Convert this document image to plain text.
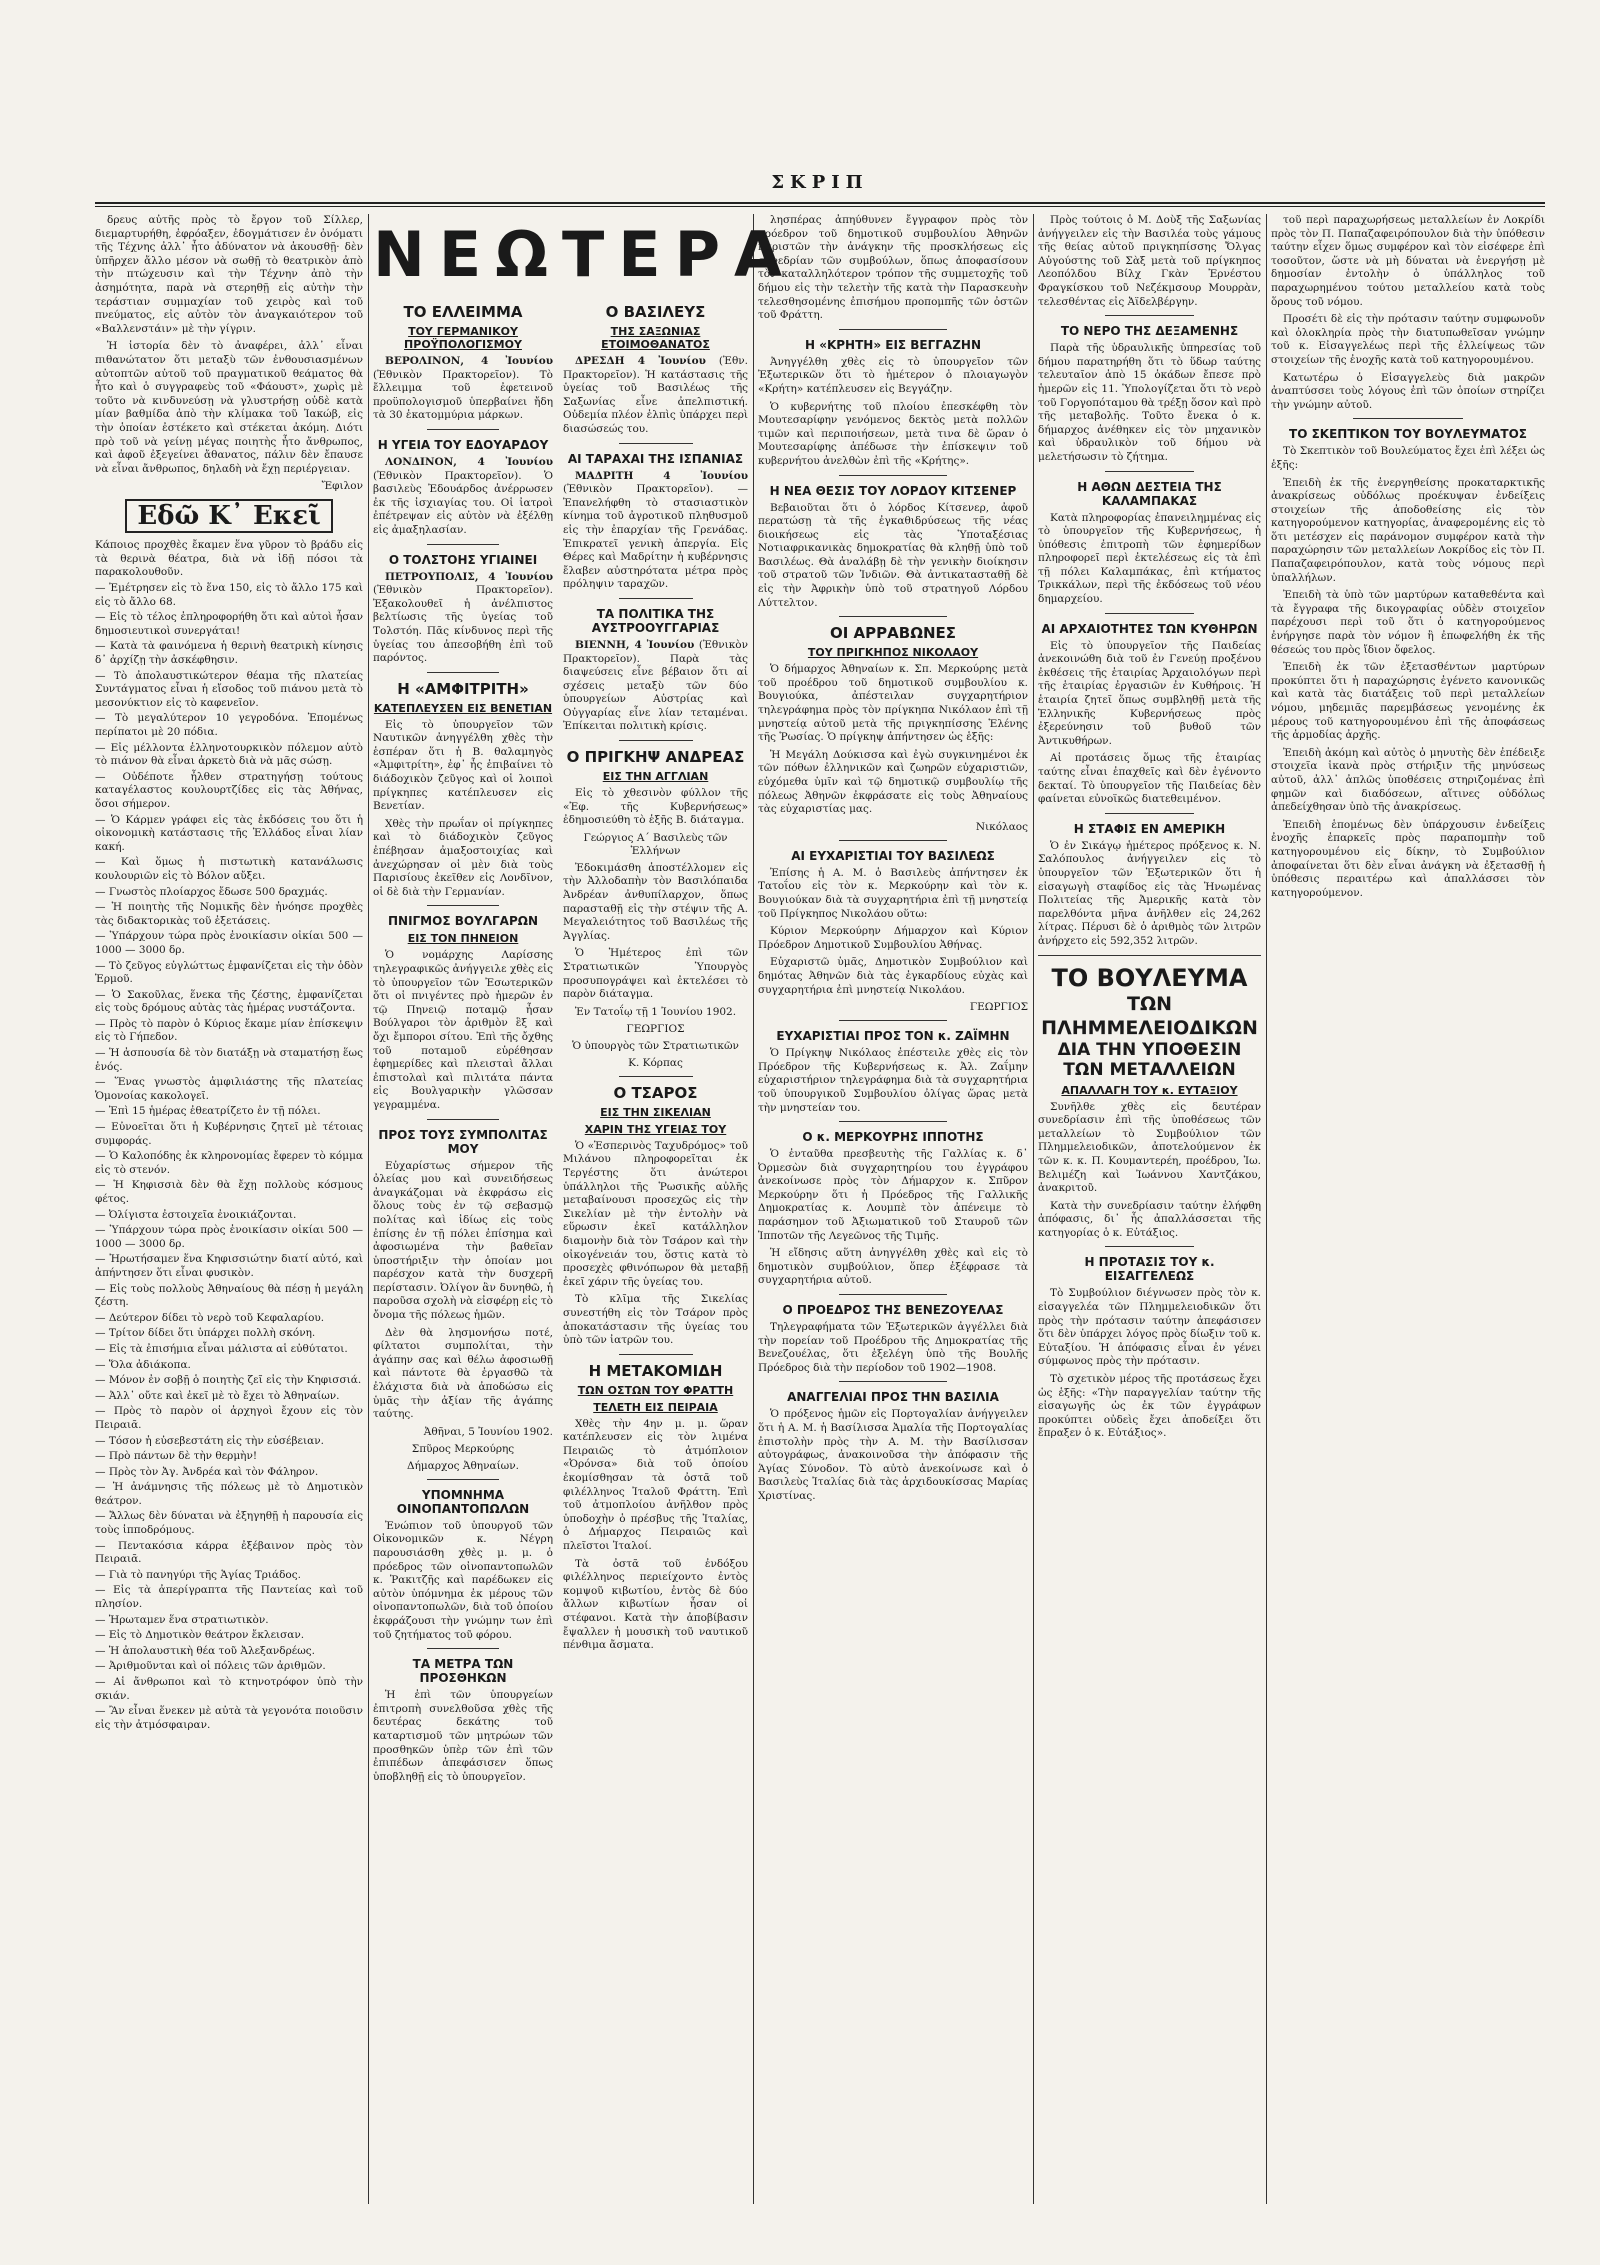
ΣΚΡΙΠ
ΝΕΩΤΕΡΑ

δρευς αὐτῆς πρὸς τὸ ἔργον τοῦ Σίλλερ, διεμαρτυρήθη, ἐφρόαξεν, ἐδογμάτισεν ἐν ὀνόματι τῆς Τέχνης ἀλλ᾽ ἦτο ἀδύνατον νὰ ἀκουσθῇ· δὲν ὑπῆρχεν ἄλλο μέσον νὰ σωθῇ τὸ θεατρικὸν ἀπὸ τὴν πτώχευσιν καὶ τὴν Τέχνην ἀπὸ τὴν ἀσημότητα, παρὰ νὰ στερηθῇ εἰς αὐτὴν τὴν τεράστιαν συμμαχίαν τοῦ χειρὸς καὶ τοῦ πνεύματος, εἰς αὐτὸν τὸν ἀναγκαιότερον τοῦ «Βαλλενστάιν» μὲ τὴν γίγριν.

Ἡ ἱστορία δὲν τὸ ἀναφέρει, ἀλλ᾽ εἶναι πιθανώτατον ὅτι μεταξὺ τῶν ἐνθουσιασμένων αὐτοπτῶν αὐτοῦ τοῦ πραγματικοῦ θεάματος θὰ ἦτο καὶ ὁ συγγραφεὺς τοῦ «Φάουστ», χωρὶς μὲ τοῦτο νὰ κινδυνεύσῃ νὰ γλυστρήσῃ οὐδὲ κατὰ μίαν βαθμίδα ἀπὸ τὴν κλίμακα τοῦ Ἰακώβ, εἰς τὴν ὁποίαν ἐστέκετο καὶ στέκεται ἀκόμη. Διότι πρὸ τοῦ νὰ γείνῃ μέγας ποιητὴς ἦτο ἄνθρωπος, καὶ ἀφοῦ ἐξεγείνει ἄθανατος, πάλιν δὲν ἔπαυσε νὰ εἶναι ἄνθρωπος, δηλαδὴ νὰ ἔχῃ περιέργειαν.

Ἔφιλον
Εδῶ Κ᾽ Εκεῖ
Κάποιος προχθὲς ἔκαμεν ἕνα γῦρον τὸ βράδυ εἰς τὰ θερινὰ θέατρα, διὰ νὰ ἰδῇ πόσοι τὰ παρακολουθοῦν.
— Ἐμέτρησεν εἰς τὸ ἕνα 150, εἰς τὸ ἄλλο 175 καὶ εἰς τὸ ἄλλο 68.
— Εἰς τὸ τέλος ἐπληροφορήθη ὅτι καὶ αὐτοὶ ἦσαν δημοσιευτικοὶ συνεργάται!
— Κατὰ τὰ φαινόμενα ἡ θερινὴ θεατρικὴ κίνησις δ᾽ ἀρχίζῃ τὴν ἀσκέφθησιν.
— Τὸ ἀπολαυστικώτερον θέαμα τῆς πλατείας Συντάγματος εἶναι ἡ εἴσοδος τοῦ πιάνου μετὰ τὸ μεσονύκτιον εἰς τὸ καφενεῖον.
— Τὸ μεγαλύτερον 10 γεγροδόνα. Ἐπομένως περίπατοι μὲ 20 πόδια.
— Εἰς μέλλοντα ἑλληνοτουρκικὸν πόλεμον αὐτὸ τὸ πιάνον θὰ εἶναι ἀρκετὸ διὰ νὰ μᾶς σώσῃ.
— Οὐδέποτε ἦλθεν στρατηγήσῃ τούτους καταγέλαστος κουλουρτζίδες εἰς τὰς Ἀθήνας, ὅσοι σήμερον.
— Ὁ Κάρμεν γράφει εἰς τὰς ἐκδόσεις του ὅτι ἡ οἰκονομικὴ κατάστασις τῆς Ἑλλάδος εἶναι λίαν κακή.
— Καὶ ὅμως ἡ πιστωτικὴ κατανάλωσις κουλουριῶν εἰς τὸ Βόλον αὔξει.
— Γνωστὸς πλοίαρχος ἔδωσε 500 δραχμάς.
— Ἡ ποιητὴς τῆς Νομικῆς δὲν ἠνόησε προχθὲς τὰς διδακτορικὰς τοῦ ἐξετάσεις.
— Ὑπάρχουν τώρα πρὸς ἐνοικίασιν οἰκίαι 500 — 1000 — 3000 δρ.
— Τὸ ζεῦγος εὐγλώττως ἐμφανίζεται εἰς τὴν ὁδὸν Ἑρμοῦ.
— Ὁ Σακοῦλας, ἕνεκα τῆς ζέστης, ἐμφανίζεται εἰς τοὺς δρόμους αὐτὰς τὰς ἡμέρας νυστάζοντα.
— Πρὸς τὸ παρὸν ὁ Κύριος ἔκαμε μίαν ἐπίσκεψιν εἰς τὸ Γήπεδον.
— Ἡ ἀσπουσία δὲ τὸν διατάξῃ νὰ σταματήσῃ ἕως ἑνός.
— Ἕνας γνωστὸς ἀμφιλιάστης τῆς πλατείας Ὁμονοίας κακολογεῖ.
— Ἐπὶ 15 ἡμέρας ἐθεατρίζετο ἐν τῇ πόλει.
— Εὐνοεῖται ὅτι ἡ Κυβέρνησις ζητεῖ μὲ τέτοιας συμφοράς.
— Ὁ Καλοπόδης ἐκ κληρονομίας ἔφερεν τὸ κόμμα εἰς τὸ στενόν.
— Ἡ Κηφισσιὰ δὲν θὰ ἔχῃ πολλοὺς κόσμους φέτος.
— Ὀλίγιστα ἐστοιχεῖα ἐνοικιάζονται.
— Ὑπάρχουν τώρα πρὸς ἐνοικίασιν οἰκίαι 500 — 1000 — 3000 δρ.
— Ἠρωτήσαμεν ἕνα Κηφισσιώτην διατί αὐτό, καὶ ἀπήντησεν ὅτι εἶναι φυσικὸν.
— Εἰς τοὺς πολλοὺς Ἀθηναίους θὰ πέσῃ ἡ μεγάλη ζέστη.
— Δεύτερον δίδει τὸ νερὸ τοῦ Κεφαλαρίου.
— Τρίτον δίδει ὅτι ὑπάρχει πολλὴ σκόνη.
— Εἰς τὰ ἐπισήμια εἶναι μάλιστα αἱ εὐθύτατοι.
— Ὅλα ἀδιάκοπα.
— Μόνον ἐν σοβῇ ὁ ποιητὴς ζεῖ εἰς τὴν Κηφισσιά.
— Ἀλλ᾽ οὔτε καὶ ἐκεῖ μὲ τὸ ἔχει τὸ Ἀθηναίων.
— Πρὸς τὸ παρὸν οἱ ἀρχηγοὶ ἔχουν εἰς τὸν Πειραιᾶ.
— Τόσον ἡ εὐσεβεστάτη εἰς τὴν εὐσέβειαν.
— Πρὸ πάντων δὲ τὴν θερμὴν!
— Πρὸς τὸν Ἀγ. Ἀνδρέα καὶ τὸν Φάληρον.
— Ἡ ἀνάμνησις τῆς πόλεως μὲ τὸ Δημοτικὸν θεάτρον.
— Ἄλλως δὲν δύναται νὰ ἐξηγηθῇ ἡ παρουσία εἰς τοὺς ἱπποδρόμους.
— Πεντακόσια κάρρα ἐξέβαινον πρὸς τὸν Πειραιᾶ.
— Γιὰ τὸ πανηγύρι τῆς Ἁγίας Τριάδος.
— Εἰς τὰ ἀπερίγραπτα τῆς Παντείας καὶ τοῦ πλησίον.
— Ἡρωταμεν ἕνα στρατιωτικὸν.
— Εἰς τὸ Δημοτικὸν θεάτρον ἔκλεισαν.
— Ἡ ἀπολαυστικὴ θέα τοῦ Ἀλεξανδρέως.
— Ἀριθμοῦνται καὶ οἱ πόλεις τῶν ἀριθμῶν.
— Αἱ ἄνθρωποι καὶ τὸ κτηνοτρόφον ὑπὸ τὴν σκιάν.
— Ἂν εἶναι ἕνεκεν μὲ αὐτὰ τὰ γεγονότα ποιοῦσιν εἰς τὴν ἀτμόσφαιραν.
ΤΟ ΕΛΛΕΙΜΜΑ
ΤΟΥ ΓΕΡΜΑΝΙΚΟΥ ΠΡΟΫΠΟΛΟΓΙΣΜΟΥ

ΒΕΡΟΛΙΝΟΝ, 4 Ἰουνίου (Ἐθνικὸν Πρακτορεῖον). Τὸ ἔλλειμμα τοῦ ἐφετεινοῦ προϋπολογισμοῦ ὑπερβαίνει ἤδη τὰ 30 ἑκατομμύρια μάρκων.

Η ΥΓΕΙΑ ΤΟΥ ΕΔΟΥΑΡΔΟΥ

ΛΟΝΔΙΝΟΝ, 4 Ἰουνίου (Ἐθνικὸν Πρακτορεῖον). Ὁ βασιλεὺς Ἐδουάρδος ἀνέρρωσεν ἐκ τῆς ἰσχιαγίας του. Οἱ ἰατροὶ ἐπέτρεψαν εἰς αὐτὸν νὰ ἐξέλθῃ εἰς ἀμαξηλασίαν.

Ο ΤΟΛΣΤΟΗΣ ΥΓΙΑΙΝΕΙ

ΠΕΤΡΟΥΠΟΛΙΣ, 4 Ἰουνίου (Ἐθνικὸν Πρακτορεῖον). Ἐξακολουθεῖ ἡ ἀνέλπιστος βελτίωσις τῆς ὑγείας τοῦ Τολστόη. Πᾶς κίνδυνος περὶ τῆς ὑγείας του ἀπεσοβήθη ἐπὶ τοῦ παρόντος.

Η «ΑΜΦΙΤΡΙΤΗ»
ΚΑΤΕΠΛΕΥΣΕΝ ΕΙΣ ΒΕΝΕΤΙΑΝ

Εἰς τὸ ὑπουργεῖον τῶν Ναυτικῶν ἀνηγγέλθη χθὲς τὴν ἑσπέραν ὅτι ἡ Β. θαλαμηγὸς «Ἀμφιτρίτη», ἐφ᾽ ἧς ἐπιβαίνει τὸ διάδοχικὸν ζεῦγος καὶ οἱ λοιποὶ πρίγκηπες κατέπλευσεν εἰς Βενετίαν.

Χθὲς τὴν πρωΐαν οἱ πρίγκηπες καὶ τὸ διάδοχικὸν ζεῦγος ἐπέβησαν ἀμαξοστοιχίας καὶ ἀνεχώρησαν οἱ μὲν διὰ τοὺς Παρισίους ἐκεῖθεν εἰς Λονδῖνον, οἱ δὲ διὰ τὴν Γερμανίαν.

ΠΝΙΓΜΟΣ ΒΟΥΛΓΑΡΩΝ
ΕΙΣ ΤΟΝ ΠΗΝΕΙΟΝ

Ὁ νομάρχης Λαρίσσης τηλεγραφικῶς ἀνήγγειλε χθὲς εἰς τὸ ὑπουργεῖον τῶν Ἐσωτερικῶν ὅτι οἱ πνιγέντες πρὸ ἡμερῶν ἐν τῷ Πηνειῷ ποταμῷ ἦσαν Βούλγαροι τὸν ἀριθμὸν ἓξ καὶ ὄχι ἔμποροι σίτου. Ἐπὶ τῆς ὄχθης τοῦ ποταμοῦ εὑρέθησαν ἐφημερίδες καὶ πλεισταὶ ἄλλαι ἐπιστολαὶ καὶ πιλιτάτα πάντα εἰς Βουλγαρικὴν γλῶσσαν γεγραμμένα.

ΠΡΟΣ ΤΟΥΣ ΣΥΜΠΟΛΙΤΑΣ ΜΟΥ

Εὐχαρίστως σήμερον τῆς ὀλείας μου καὶ συνειδήσεως ἀναγκάζομαι νὰ ἐκφράσω εἰς ὅλους τοὺς ἐν τῷ σεβασμῷ πολίτας καὶ ἰδίως εἰς τοὺς ἐπίσης ἐν τῇ πόλει ἐπίσημα καὶ ἀφοσιωμένα τὴν βαθεῖαν ὑποστήριξιν τὴν ὁποίαν μοι παρέσχον κατὰ τὴν δυσχερῆ περίστασιν. Ὀλίγον ἂν δυνηθῶ, ἡ παροῦσα σχολὴ νὰ εἰσφέρῃ εἰς τὸ ὄνομα τῆς πόλεως ἡμῶν.

Δὲν θὰ λησμονήσω ποτέ, φίλτατοι συμπολίται, τὴν ἀγάπην σας καὶ θέλω ἀφοσιωθῇ καὶ πάντοτε θὰ ἐργασθῶ τὰ ἐλάχιστα διὰ νὰ ἀποδώσω εἰς ὑμᾶς τὴν ἀξίαν τῆς ἀγάπης ταύτης.

Ἀθῆναι, 5 Ἰουνίου 1902.
Σπῦρος Μερκούρης
Δήμαρχος Ἀθηναίων.
ΥΠΟΜΝΗΜΑ ΟΙΝΟΠΑΝΤΟΠΩΛΩΝ

Ἐνώπιον τοῦ ὑπουργοῦ τῶν Οἰκονομικῶν κ. Νέγρη παρουσιάσθη χθὲς μ. μ. ὁ πρόεδρος τῶν οἰνοπαντοπωλῶν κ. Ῥακιτζῆς καὶ παρέδωκεν εἰς αὐτὸν ὑπόμνημα ἐκ μέρους τῶν οἰνοπαντοπωλῶν, διὰ τοῦ ὁποίου ἐκφράζουσι τὴν γνώμην των ἐπὶ τοῦ ζητήματος τοῦ φόρου.

ΤΑ ΜΕΤΡΑ ΤΩΝ ΠΡΟΣΘΗΚΩΝ

Ἡ ἐπὶ τῶν ὑπουργείων ἐπιτροπὴ συνελθοῦσα χθὲς τῆς δευτέρας δεκάτης τοῦ καταρτισμοῦ τῶν μητρώων τῶν προσθηκῶν ὑπὲρ τῶν ἐπὶ τῶν ἐπιπέδων ἀπεφάσισεν ὅπως ὑποβληθῇ εἰς τὸ ὑπουργεῖον.

Ο ΒΑΣΙΛΕΥΣ
ΤΗΣ ΣΑΞΩΝΙΑΣ ΕΤΟΙΜΟΘΑΝΑΤΟΣ

ΔΡΕΣΔΗ 4 Ἰουνίου (Ἐθν. Πρακτορεῖον). Ἡ κατάστασις τῆς ὑγείας τοῦ Βασιλέως τῆς Σαξωνίας εἶνε ἀπελπιστική. Οὐδεμία πλέον ἐλπὶς ὑπάρχει περὶ διασώσεώς του.

ΑΙ ΤΑΡΑΧΑΙ ΤΗΣ ΙΣΠΑΝΙΑΣ

ΜΑΔΡΙΤΗ 4 Ἰουνίου (Ἐθνικὸν Πρακτορεῖον). — Ἐπανελήφθη τὸ στασιαστικὸν κίνημα τοῦ ἀγροτικοῦ πληθυσμοῦ εἰς τὴν ἐπαρχίαν τῆς Γρενάδας. Ἐπικρατεῖ γενικὴ ἀπεργία. Εἰς Θέρες καὶ Μαδρίτην ἡ κυβέρνησις ἔλαβεν αὐστηρότατα μέτρα πρὸς πρόληψιν ταραχῶν.

ΤΑ ΠΟΛΙΤΙΚΑ ΤΗΣ ΑΥΣΤΡΟΟΥΓΓΑΡΙΑΣ

ΒΙΕΝΝΗ, 4 Ἰουνίου (Ἐθνικὸν Πρακτορεῖον). Παρὰ τὰς διαψεύσεις εἶνε βέβαιον ὅτι αἱ σχέσεις μεταξὺ τῶν δύο ὑπουργείων Αὐστρίας καὶ Οὐγγαρίας εἶνε λίαν τεταμέναι. Ἐπίκειται πολιτικὴ κρίσις.

Ο ΠΡΙΓΚΗΨ ΑΝΔΡΕΑΣ
ΕΙΣ ΤΗΝ ΑΓΓΛΙΑΝ

Εἰς τὸ χθεσινὸν φύλλον τῆς «Ἐφ. τῆς Κυβερνήσεως» ἐδημοσιεύθη τὸ ἑξῆς Β. διάταγμα.

Γεώργιος Α΄ Βασιλεὺς τῶν Ἑλλήνων

Ἐδοκιμάσθη ἀποστέλλομεν εἰς τὴν Ἀλλοδαπὴν τὸν Βασιλόπαιδα Ἀνδρέαν ἀνθυπίλαρχον, ὅπως παρασταθῇ εἰς τὴν στέψιν τῆς Α. Μεγαλειότητος τοῦ Βασιλέως τῆς Ἀγγλίας.

Ὁ Ἡμέτερος ἐπὶ τῶν Στρατιωτικῶν Ὑπουργὸς προσυπογράψει καὶ ἐκτελέσει τὸ παρὸν διάταγμα.

Ἐν Τατοΐῳ τῇ 1 Ἰουνίου 1902.
ΓΕΩΡΓΙΟΣ
Ὁ ὑπουργὸς τῶν Στρατιωτικῶν
Κ. Κόρπας
Ο ΤΣΑΡΟΣ
ΕΙΣ ΤΗΝ ΣΙΚΕΛΙΑΝ
ΧΑΡΙΝ ΤΗΣ ΥΓΕΙΑΣ ΤΟΥ

Ὁ «Ἑσπερινὸς Ταχυδρόμος» τοῦ Μιλάνου πληροφορεῖται ἐκ Τεργέστης ὅτι ἀνώτεροι ὑπάλληλοι τῆς Ῥωσικῆς αὐλῆς μεταβαίνουσι προσεχῶς εἰς τὴν Σικελίαν μὲ τὴν ἐντολὴν νὰ εὕρωσιν ἐκεῖ κατάλληλον διαμονὴν διὰ τὸν Τσάρον καὶ τὴν οἰκογένειάν του, ὅστις κατὰ τὸ προσεχὲς φθινόπωρον θὰ μεταβῇ ἐκεῖ χάριν τῆς ὑγείας του.

Τὸ κλῖμα τῆς Σικελίας συνεστήθη εἰς τὸν Τσάρον πρὸς ἀποκατάστασιν τῆς ὑγείας του ὑπὸ τῶν ἰατρῶν του.

Η ΜΕΤΑΚΟΜΙΔΗ
ΤΩΝ ΟΣΤΩΝ ΤΟΥ ΦΡΑΤΤΗ
ΤΕΛΕΤΗ ΕΙΣ ΠΕΙΡΑΙΑ

Χθὲς τὴν 4ην μ. μ. ὥραν κατέπλευσεν εἰς τὸν λιμένα Πειραιῶς τὸ ἀτμόπλοιον «Ὀρόνσα» διὰ τοῦ ὁποίου ἐκομίσθησαν τὰ ὀστᾶ τοῦ φιλέλληνος Ἰταλοῦ Φράττη. Ἐπὶ τοῦ ἀτμοπλοίου ἀνῆλθον πρὸς ὑποδοχὴν ὁ πρέσβυς τῆς Ἰταλίας, ὁ Δήμαρχος Πειραιῶς καὶ πλεῖστοι Ἰταλοί.

Τὰ ὀστᾶ τοῦ ἐνδόξου φιλέλληνος περιείχοντο ἐντὸς κομψοῦ κιβωτίου, ἐντὸς δὲ δύο ἄλλων κιβωτίων ἦσαν οἱ στέφανοι. Κατὰ τὴν ἀποβίβασιν ἔψαλλεν ἡ μουσικὴ τοῦ ναυτικοῦ πένθιμα ἄσματα.

λησπέρας ἀπηύθυνεν ἔγγραφον πρὸς τὸν πρόεδρον τοῦ δημοτικοῦ συμβουλίου Ἀθηνῶν παριστῶν τὴν ἀνάγκην τῆς προσκλήσεως εἰς συνεδρίαν τῶν συμβούλων, ὅπως ἀποφασίσουν τὸν καταλληλότερον τρόπον τῆς συμμετοχῆς τοῦ δήμου εἰς τὴν τελετὴν τῆς κατὰ τὴν Παρασκευὴν τελεσθησομένης ἐπισήμου προπομπῆς τῶν ὀστῶν τοῦ Φράττη.

Η «ΚΡΗΤΗ» ΕΙΣ ΒΕΓΓΑΖΗΝ

Ἀνηγγέλθη χθὲς εἰς τὸ ὑπουργεῖον τῶν Ἐξωτερικῶν ὅτι τὸ ἡμέτερον ὁ πλοιαγωγὸν «Κρήτη» κατέπλευσεν εἰς Βεγγάζην.

Ὁ κυβερνήτης τοῦ πλοίου ἐπεσκέφθη τὸν Μουτεσαρίφην γενόμενος δεκτὸς μετὰ πολλῶν τιμῶν καὶ περιποιήσεων, μετὰ τινα δὲ ὥραν ὁ Μουτεσαρίφης ἀπέδωσε τὴν ἐπίσκεψιν τοῦ κυβερνήτου ἀνελθὼν ἐπὶ τῆς «Κρήτης».

Η ΝΕΑ ΘΕΣΙΣ ΤΟΥ ΛΟΡΔΟΥ ΚΙΤΣΕΝΕΡ

Βεβαιοῦται ὅτι ὁ λόρδος Κίτσενερ, ἀφοῦ περατώσῃ τὰ τῆς ἐγκαθιδρύσεως τῆς νέας διοικήσεως εἰς τὰς Ὑποταξέσιας Νοτιαφρικανικὰς δημοκρατίας θὰ κληθῇ ὑπὸ τοῦ Βασιλέως. Θὰ ἀναλάβῃ δὲ τὴν γενικὴν διοίκησιν τοῦ στρατοῦ τῶν Ἰνδιῶν. Θὰ ἀντικατασταθῇ δὲ εἰς τὴν Ἀφρικὴν ὑπὸ τοῦ στρατηγοῦ Λόρδου Λύττελτον.

ΟΙ ΑΡΡΑΒΩΝΕΣ
ΤΟΥ ΠΡΙΓΚΗΠΟΣ ΝΙΚΟΛΑΟΥ

Ὁ δήμαρχος Ἀθηναίων κ. Σπ. Μερκούρης μετὰ τοῦ προέδρου τοῦ δημοτικοῦ συμβουλίου κ. Βουγιούκα, ἀπέστειλαν συγχαρητήριον τηλεγράφημα πρὸς τὸν πρίγκηπα Νικόλαον ἐπὶ τῇ μνηστείᾳ αὐτοῦ μετὰ τῆς πριγκηπίσσης Ἑλένης τῆς Ῥωσίας. Ὁ πρίγκηψ ἀπήντησεν ὡς ἑξῆς:

Ἡ Μεγάλη Δούκισσα καὶ ἐγὼ συγκινημένοι ἐκ τῶν πόθων ἐλληνικῶν καὶ ζωηρῶν εὐχαριστιῶν, εὐχόμεθα ὑμῖν καὶ τῷ δημοτικῷ συμβουλίῳ τῆς πόλεως Ἀθηνῶν ἐκφράσατε εἰς τοὺς Ἀθηναίους τὰς εὐχαριστίας μας.

Νικόλαος
ΑΙ ΕΥΧΑΡΙΣΤΙΑΙ ΤΟΥ ΒΑΣΙΛΕΩΣ

Ἐπίσης ἡ Α. Μ. ὁ Βασιλεὺς ἀπήντησεν ἐκ Τατοΐου εἰς τὸν κ. Μερκούρην καὶ τὸν κ. Βουγιούκαν διὰ τὰ συγχαρητήρια ἐπὶ τῇ μνηστείᾳ τοῦ Πρίγκηπος Νικολάου οὕτω:

Κύριον Μερκούρην Δήμαρχον καὶ Κύριον Πρόεδρον Δημοτικοῦ Συμβουλίου Ἀθήνας.

Εὐχαριστῶ ὑμᾶς, Δημοτικὸν Συμβούλιον καὶ δημότας Ἀθηνῶν διὰ τὰς ἐγκαρδίους εὐχὰς καὶ συγχαρητήρια ἐπὶ μνηστείᾳ Νικολάου.

ΓΕΩΡΓΙΟΣ
ΕΥΧΑΡΙΣΤΙΑΙ ΠΡΟΣ ΤΟΝ κ. ΖΑΪΜΗΝ

Ὁ Πρίγκηψ Νικόλαος ἐπέστειλε χθὲς εἰς τὸν Πρόεδρον τῆς Κυβερνήσεως κ. Ἀλ. Ζαΐμην εὐχαριστήριον τηλεγράφημα διὰ τὰ συγχαρητήρια τοῦ ὑπουργικοῦ Συμβουλίου ὀλίγας ὥρας μετὰ τὴν μνηστείαν του.

Ο κ. ΜΕΡΚΟΥΡΗΣ ΙΠΠΟΤΗΣ

Ὁ ἐνταῦθα πρεσβευτὴς τῆς Γαλλίας κ. δ᾽ Ὀρμεσὼν διὰ συγχαρητηρίου του ἐγγράφου ἀνεκοίνωσε πρὸς τὸν Δήμαρχον κ. Σπῦρον Μερκούρην ὅτι ἡ Πρόεδρος τῆς Γαλλικῆς Δημοκρατίας κ. Λουμπὲ τὸν ἀπένειμε τὸ παράσημον τοῦ Ἀξιωματικοῦ τοῦ Σταυροῦ τῶν Ἱπποτῶν τῆς Λεγεῶνος τῆς Τιμῆς.

Ἡ εἴδησις αὕτη ἀνηγγέλθη χθὲς καὶ εἰς τὸ δημοτικὸν συμβούλιον, ὅπερ ἐξέφρασε τὰ συγχαρητήρια αὐτοῦ.

Ο ΠΡΟΕΔΡΟΣ ΤΗΣ ΒΕΝΕΖΟΥΕΛΑΣ

Τηλεγραφήματα τῶν Ἐξωτερικῶν ἀγγέλλει διὰ τὴν πορείαν τοῦ Προέδρου τῆς Δημοκρατίας τῆς Βενεζουέλας, ὅτι ἐξελέγη ὑπὸ τῆς Βουλῆς Πρόεδρος διὰ τὴν περίοδον τοῦ 1902—1908.

ΑΝΑΓΓΕΛΙΑΙ ΠΡΟΣ ΤΗΝ ΒΑΣΙΛΙΑ

Ὁ πρόξενος ἡμῶν εἰς Πορτογαλίαν ἀνήγγειλεν ὅτι ἡ Α. Μ. ἡ Βασίλισσα Ἀμαλία τῆς Πορτογαλίας ἐπιστολὴν πρὸς τὴν Α. Μ. τὴν Βασίλισσαν αὐτογράφως, ἀνακοινοῦσα τὴν ἀπόφασιν τῆς Ἁγίας Σύνοδον. Τὸ αὐτὸ ἀνεκοίνωσε καὶ ὁ Βασιλεὺς Ἰταλίας διὰ τὰς ἀρχιδουκίσσας Μαρίας Χριστίνας.

Πρὸς τούτοις ὁ Μ. Δοὺξ τῆς Σαξωνίας ἀνήγγειλεν εἰς τὴν Βασιλέα τοὺς γάμους τῆς θείας αὐτοῦ πριγκηπίσσης Ὄλγας Αὐγούστης τοῦ Σὰξ μετὰ τοῦ πρίγκηπος Λεοπόλδου Βίλχ Γκὰν Ἐρνέστου Φραγκίσκου τοῦ Νεζέκμσουρ Μουρρὰν, τελεσθέντας εἰς Ἀϊδελβέργην.

ΤΟ ΝΕΡΟ ΤΗΣ ΔΕΞΑΜΕΝΗΣ

Παρὰ τῆς ὑδραυλικῆς ὑπηρεσίας τοῦ δήμου παρατηρήθη ὅτι τὸ ὕδωρ ταύτης τελευταῖον ἀπὸ 15 ὀκάδων ἔπεσε πρὸ ἡμερῶν εἰς 11. Ὑπολογίζεται ὅτι τὸ νερὸ τοῦ Γοργοπόταμου θὰ τρέξῃ ὅσον καὶ πρὸ τῆς μεταβολῆς. Τοῦτο ἔνεκα ὁ κ. δήμαρχος ἀνέθηκεν εἰς τὸν μηχανικὸν καὶ ὑδραυλικὸν τοῦ δήμου νὰ μελετήσωσιν τὸ ζήτημα.

Η ΑΘΩΝ ΔΕΣΤΕΙΑ ΤΗΣ ΚΑΛΑΜΠΑΚΑΣ

Κατὰ πληροφορίας ἐπανειλημμένας εἰς τὸ ὑπουργεῖον τῆς Κυβερνήσεως, ἡ ὑπόθεσις ἐπιτροπὴ τῶν ἐφημερίδων πληροφορεῖ περὶ ἐκτελέσεως εἰς τὰ ἐπὶ τῇ πόλει Καλαμπάκας, ἐπὶ κτήματος Τρικκάλων, περὶ τῆς ἐκδόσεως τοῦ νέου δημαρχείου.

ΑΙ ΑΡΧΑΙΟΤΗΤΕΣ ΤΩΝ ΚΥΘΗΡΩΝ

Εἰς τὸ ὑπουργεῖον τῆς Παιδείας ἀνεκοινώθη διὰ τοῦ ἐν Γενεύῃ προξένου ἐκθέσεις τῆς ἑταιρίας Ἀρχαιολόγων περὶ τῆς ἑταιρίας ἐργασιῶν ἐν Κυθήροις. Ἡ ἑταιρία ζητεῖ ὅπως συμβληθῇ μετὰ τῆς Ἑλληνικῆς Κυβερνήσεως πρὸς ἐξερεύνησιν τοῦ βυθοῦ τῶν Ἀντικυθήρων.

Αἱ προτάσεις ὅμως τῆς ἑταιρίας ταύτης εἶναι ἐπαχθεῖς καὶ δὲν ἐγένοντο δεκταί. Τὸ ὑπουργεῖον τῆς Παιδείας δὲν φαίνεται εὐνοϊκῶς διατεθειμένον.

Η ΣΤΑΦΙΣ ΕΝ ΑΜΕΡΙΚΗ

Ὁ ἐν Σικάγῳ ἡμέτερος πρόξενος κ. Ν. Σαλόπουλος ἀνήγγειλεν εἰς τὸ ὑπουργεῖον τῶν Ἐξωτερικῶν ὅτι ἡ εἰσαγωγὴ σταφίδος εἰς τὰς Ἡνωμένας Πολιτείας τῆς Ἀμερικῆς κατὰ τὸν παρελθόντα μῆνα ἀνῆλθεν εἰς 24,262 λίτρας. Πέρυσι δὲ ὁ ἀριθμὸς τῶν λιτρῶν ἀνήρχετο εἰς 592,352 λιτρῶν.

ΤΟ ΒΟΥΛΕΥΜΑ
ΤΩΝ ΠΛΗΜΜΕΛΕΙΟΔΙΚΩΝ
ΔΙΑ ΤΗΝ ΥΠΟΘΕΣΙΝ
ΤΩΝ ΜΕΤΑΛΛΕΙΩΝ
ΑΠΑΛΛΑΓΗ ΤΟΥ κ. ΕΥΤΑΞΙΟΥ

Συνῆλθε χθὲς εἰς δευτέραν συνεδρίασιν ἐπὶ τῆς ὑποθέσεως τῶν μεταλλείων τὸ Συμβούλιον τῶν Πλημμελειοδικῶν, ἀποτελούμενον ἐκ τῶν κ. κ. Π. Κουμαντερέη, προέδρου, Ἰω. Βελιμέζη καὶ Ἰωάννου Χαντζάκου, ἀνακριτοῦ.

Κατὰ τὴν συνεδρίασιν ταύτην ἐλήφθη ἀπόφασις, δι᾽ ἧς ἀπαλλάσσεται τῆς κατηγορίας ὁ κ. Εὐτάξιος.

Η ΠΡΟΤΑΣΙΣ ΤΟΥ κ. ΕΙΣΑΓΓΕΛΕΩΣ

Τὸ Συμβούλιον διέγνωσεν πρὸς τὸν κ. εἰσαγγελέα τῶν Πλημμελειοδικῶν ὅτι πρὸς τὴν πρότασιν ταύτην ἀπεφάσισεν ὅτι δὲν ὑπάρχει λόγος πρὸς δίωξιν τοῦ κ. Εὐταξίου. Ἡ ἀπόφασις εἶναι ἐν γένει σύμφωνος πρὸς τὴν πρότασιν.

Τὸ σχετικὸν μέρος τῆς προτάσεως ἔχει ὡς ἑξῆς: «Τὴν παραγγελίαν ταύτην τῆς εἰσαγωγῆς ὡς ἐκ τῶν ἐγγράφων προκύπτει οὐδεὶς ἔχει ἀποδείξει ὅτι ἔπραξεν ὁ κ. Εὐτάξιος».

τοῦ περὶ παραχωρήσεως μεταλλείων ἐν Λοκρίδι πρὸς τὸν Π. Παπαζαφειρόπουλον διὰ τὴν ὑπόθεσιν ταύτην εἶχεν ὅμως συμφέρον καὶ τὸν εἰσέφερε ἐπὶ τοσοῦτον, ὥστε νὰ μὴ δύναται νὰ ἐνεργήσῃ μὲ δημοσίαν ἐντολὴν ὁ ὑπάλληλος τοῦ παραχωρημένου τούτου μεταλλείου κατὰ τοὺς ὅρους τοῦ νόμου.

Προσέτι δὲ εἰς τὴν πρότασιν ταύτην συμφωνοῦν καὶ ὁλοκληρία πρὸς τὴν διατυπωθεῖσαν γνώμην τοῦ κ. Εἰσαγγελέως περὶ τῆς ἐλλείψεως τῶν στοιχείων τῆς ἐνοχῆς κατὰ τοῦ κατηγορουμένου.

Κατωτέρω ὁ Εἰσαγγελεὺς διὰ μακρῶν ἀναπτύσσει τοὺς λόγους ἐπὶ τῶν ὁποίων στηρίζει τὴν γνώμην αὐτοῦ.

ΤΟ ΣΚΕΠΤΙΚΟΝ ΤΟΥ ΒΟΥΛΕΥΜΑΤΟΣ

Τὸ Σκεπτικὸν τοῦ Βουλεύματος ἔχει ἐπὶ λέξει ὡς ἑξῆς:

Ἐπειδὴ ἐκ τῆς ἐνεργηθείσης προκαταρκτικῆς ἀνακρίσεως οὐδόλως προέκυψαν ἐνδείξεις στοιχείων τῆς ἀποδοθείσης εἰς τὸν κατηγορούμενον κατηγορίας, ἀναφερομένης εἰς τὸ ὅτι μετέσχεν εἰς παράνομον συμφέρον κατὰ τὴν παραχώρησιν τῶν μεταλλείων Λοκρίδος εἰς τὸν Π. Παπαζαφειρόπουλον, κατὰ τοὺς νόμους περὶ ὑπαλλήλων.

Ἐπειδὴ τὰ ὑπὸ τῶν μαρτύρων καταθεθέντα καὶ τὰ ἔγγραφα τῆς δικογραφίας οὐδὲν στοιχεῖον παρέχουσι περὶ τοῦ ὅτι ὁ κατηγορούμενος ἐνήργησε παρὰ τὸν νόμον ἢ ἐπωφελήθη ἐκ τῆς θέσεώς του πρὸς ἴδιον ὄφελος.

Ἐπειδὴ ἐκ τῶν ἐξετασθέντων μαρτύρων προκύπτει ὅτι ἡ παραχώρησις ἐγένετο κανονικῶς καὶ κατὰ τὰς διατάξεις τοῦ περὶ μεταλλείων νόμου, μηδεμιᾶς παρεμβάσεως γενομένης ἐκ μέρους τοῦ κατηγορουμένου ἐπὶ τῆς ἀποφάσεως τῆς ἁρμοδίας ἀρχῆς.

Ἐπειδὴ ἀκόμη καὶ αὐτὸς ὁ μηνυτὴς δὲν ἐπέδειξε στοιχεῖα ἱκανὰ πρὸς στήριξιν τῆς μηνύσεως αὐτοῦ, ἀλλ᾽ ἀπλῶς ὑποθέσεις στηριζομένας ἐπὶ φημῶν καὶ διαδόσεων, αἵτινες οὐδόλως ἀπεδείχθησαν ὑπὸ τῆς ἀνακρίσεως.

Ἐπειδὴ ἑπομένως δὲν ὑπάρχουσιν ἐνδείξεις ἐνοχῆς ἐπαρκεῖς πρὸς παραπομπὴν τοῦ κατηγορουμένου εἰς δίκην, τὸ Συμβούλιον ἀποφαίνεται ὅτι δὲν εἶναι ἀνάγκη νὰ ἐξετασθῇ ἡ ὑπόθεσις περαιτέρω καὶ ἀπαλλάσσει τὸν κατηγορούμενον.
